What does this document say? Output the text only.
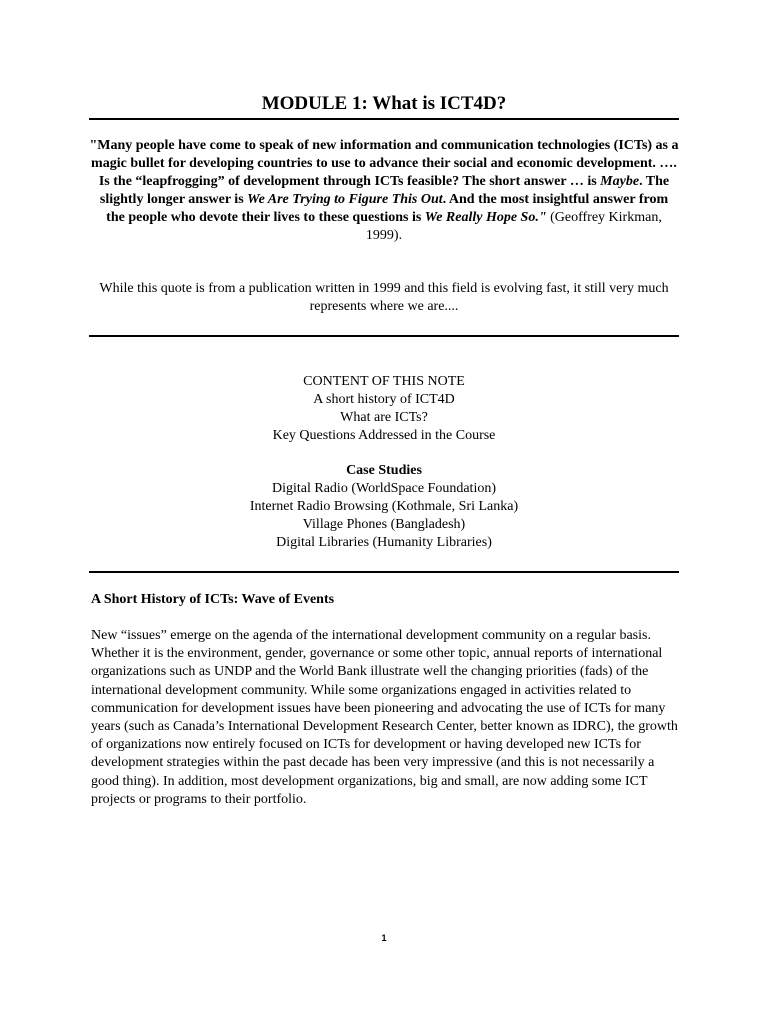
MODULE 1: What is ICT4D?
"Many people have come to speak of new information and communication technologies (ICTs) as a magic bullet for developing countries to use to advance their social and economic development. …. Is the “leapfrogging” of development through ICTs feasible? The short answer … is Maybe. The slightly longer answer is We Are Trying to Figure This Out. And the most insightful answer from the people who devote their lives to these questions is We Really Hope So." (Geoffrey Kirkman, 1999).
While this quote is from a publication written in 1999 and this field is evolving fast, it still very much represents where we are....
CONTENT OF THIS NOTE
A short history of ICT4D
What are ICTs?
Key Questions Addressed in the Course
Case Studies
Digital Radio (WorldSpace Foundation)
Internet Radio Browsing (Kothmale, Sri Lanka)
Village Phones (Bangladesh)
Digital Libraries (Humanity Libraries)
A Short History of ICTs: Wave of Events
New “issues” emerge on the agenda of the international development community on a regular basis. Whether it is the environment, gender, governance or some other topic, annual reports of international organizations such as UNDP and the World Bank illustrate well the changing priorities (fads) of the international development community. While some organizations engaged in activities related to communication for development issues have been pioneering and advocating the use of ICTs for many years (such as Canada’s International Development Research Center, better known as IDRC), the growth of organizations now entirely focused on ICTs for development or having developed new ICTs for development strategies within the past decade has been very impressive (and this is not necessarily a good thing). In addition, most development organizations, big and small, are now adding some ICT projects or programs to their portfolio.
1
